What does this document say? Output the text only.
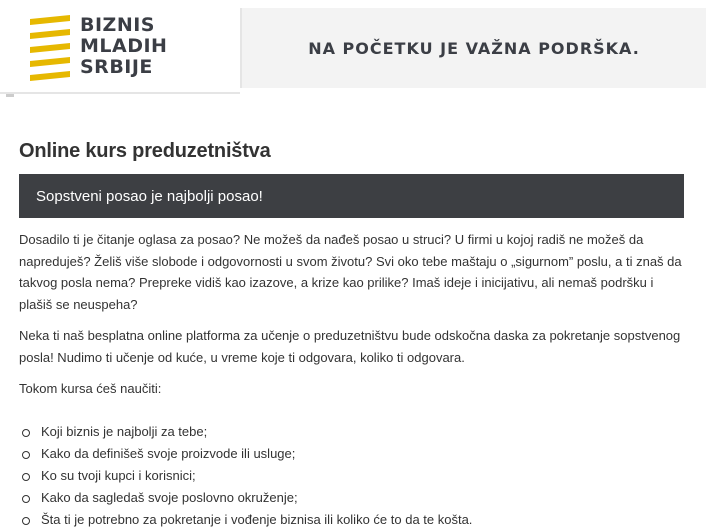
BIZNIS
MLADIH
SRBIJE
NA POČETKU JE VAŽNA PODRŠKA.
Online kurs preduzetništva
Sopstveni posao je najbolji posao!

Dosadilo ti je čitanje oglasa za posao? Ne možeš da nađeš posao u struci? U firmi u kojoj radiš ne možeš da napreduješ? Želiš više slobode i odgovornosti u svom životu? Svi oko tebe maštaju o „sigurnom” poslu, a ti znaš da takvog posla nema? Prepreke vidiš kao izazove, a krize kao prilike? Imaš ideje i inicijativu, ali nemaš podršku i plašiš se neuspeha?

Neka ti naš besplatna online platforma za učenje o preduzetništvu bude odskočna daska za pokretanje sopstvenog posla! Nudimo ti učenje od kuće, u vreme koje ti odgovara, koliko ti odgovara.

Tokom kursa ćeš naučiti:

Koji biznis je najbolji za tebe;
Kako da definišeš svoje proizvode ili usluge;
Ko su tvoji kupci i korisnici;
Kako da sagledaš svoje poslovno okruženje;
Šta ti je potrebno za pokretanje i vođenje biznisa ili koliko će to da te košta.
